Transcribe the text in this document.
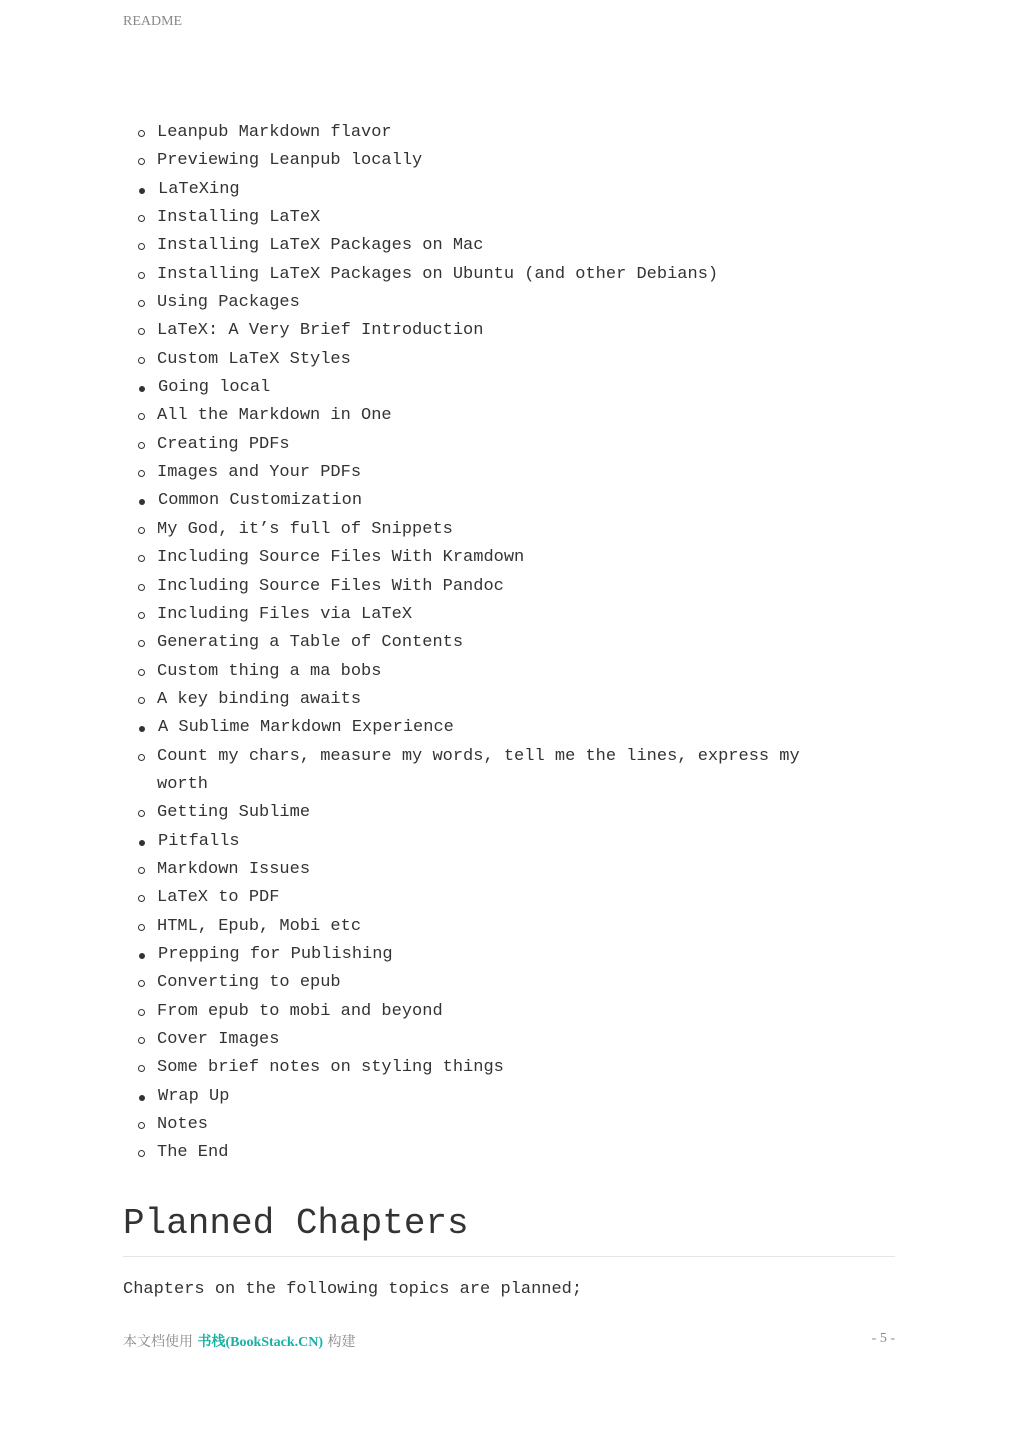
README
Leanpub Markdown flavor
Previewing Leanpub locally
LaTeXing
Installing LaTeX
Installing LaTeX Packages on Mac
Installing LaTeX Packages on Ubuntu (and other Debians)
Using Packages
LaTeX: A Very Brief Introduction
Custom LaTeX Styles
Going local
All the Markdown in One
Creating PDFs
Images and Your PDFs
Common Customization
My God, it’s full of Snippets
Including Source Files With Kramdown
Including Source Files With Pandoc
Including Files via LaTeX
Generating a Table of Contents
Custom thing a ma bobs
A key binding awaits
A Sublime Markdown Experience
Count my chars, measure my words, tell me the lines, express my worth
Getting Sublime
Pitfalls
Markdown Issues
LaTeX to PDF
HTML, Epub, Mobi etc
Prepping for Publishing
Converting to epub
From epub to mobi and beyond
Cover Images
Some brief notes on styling things
Wrap Up
Notes
The End
Planned Chapters

Chapters on the following topics are planned;

本文档使用 书栈(BookStack.CN) 构建	- 5 -
